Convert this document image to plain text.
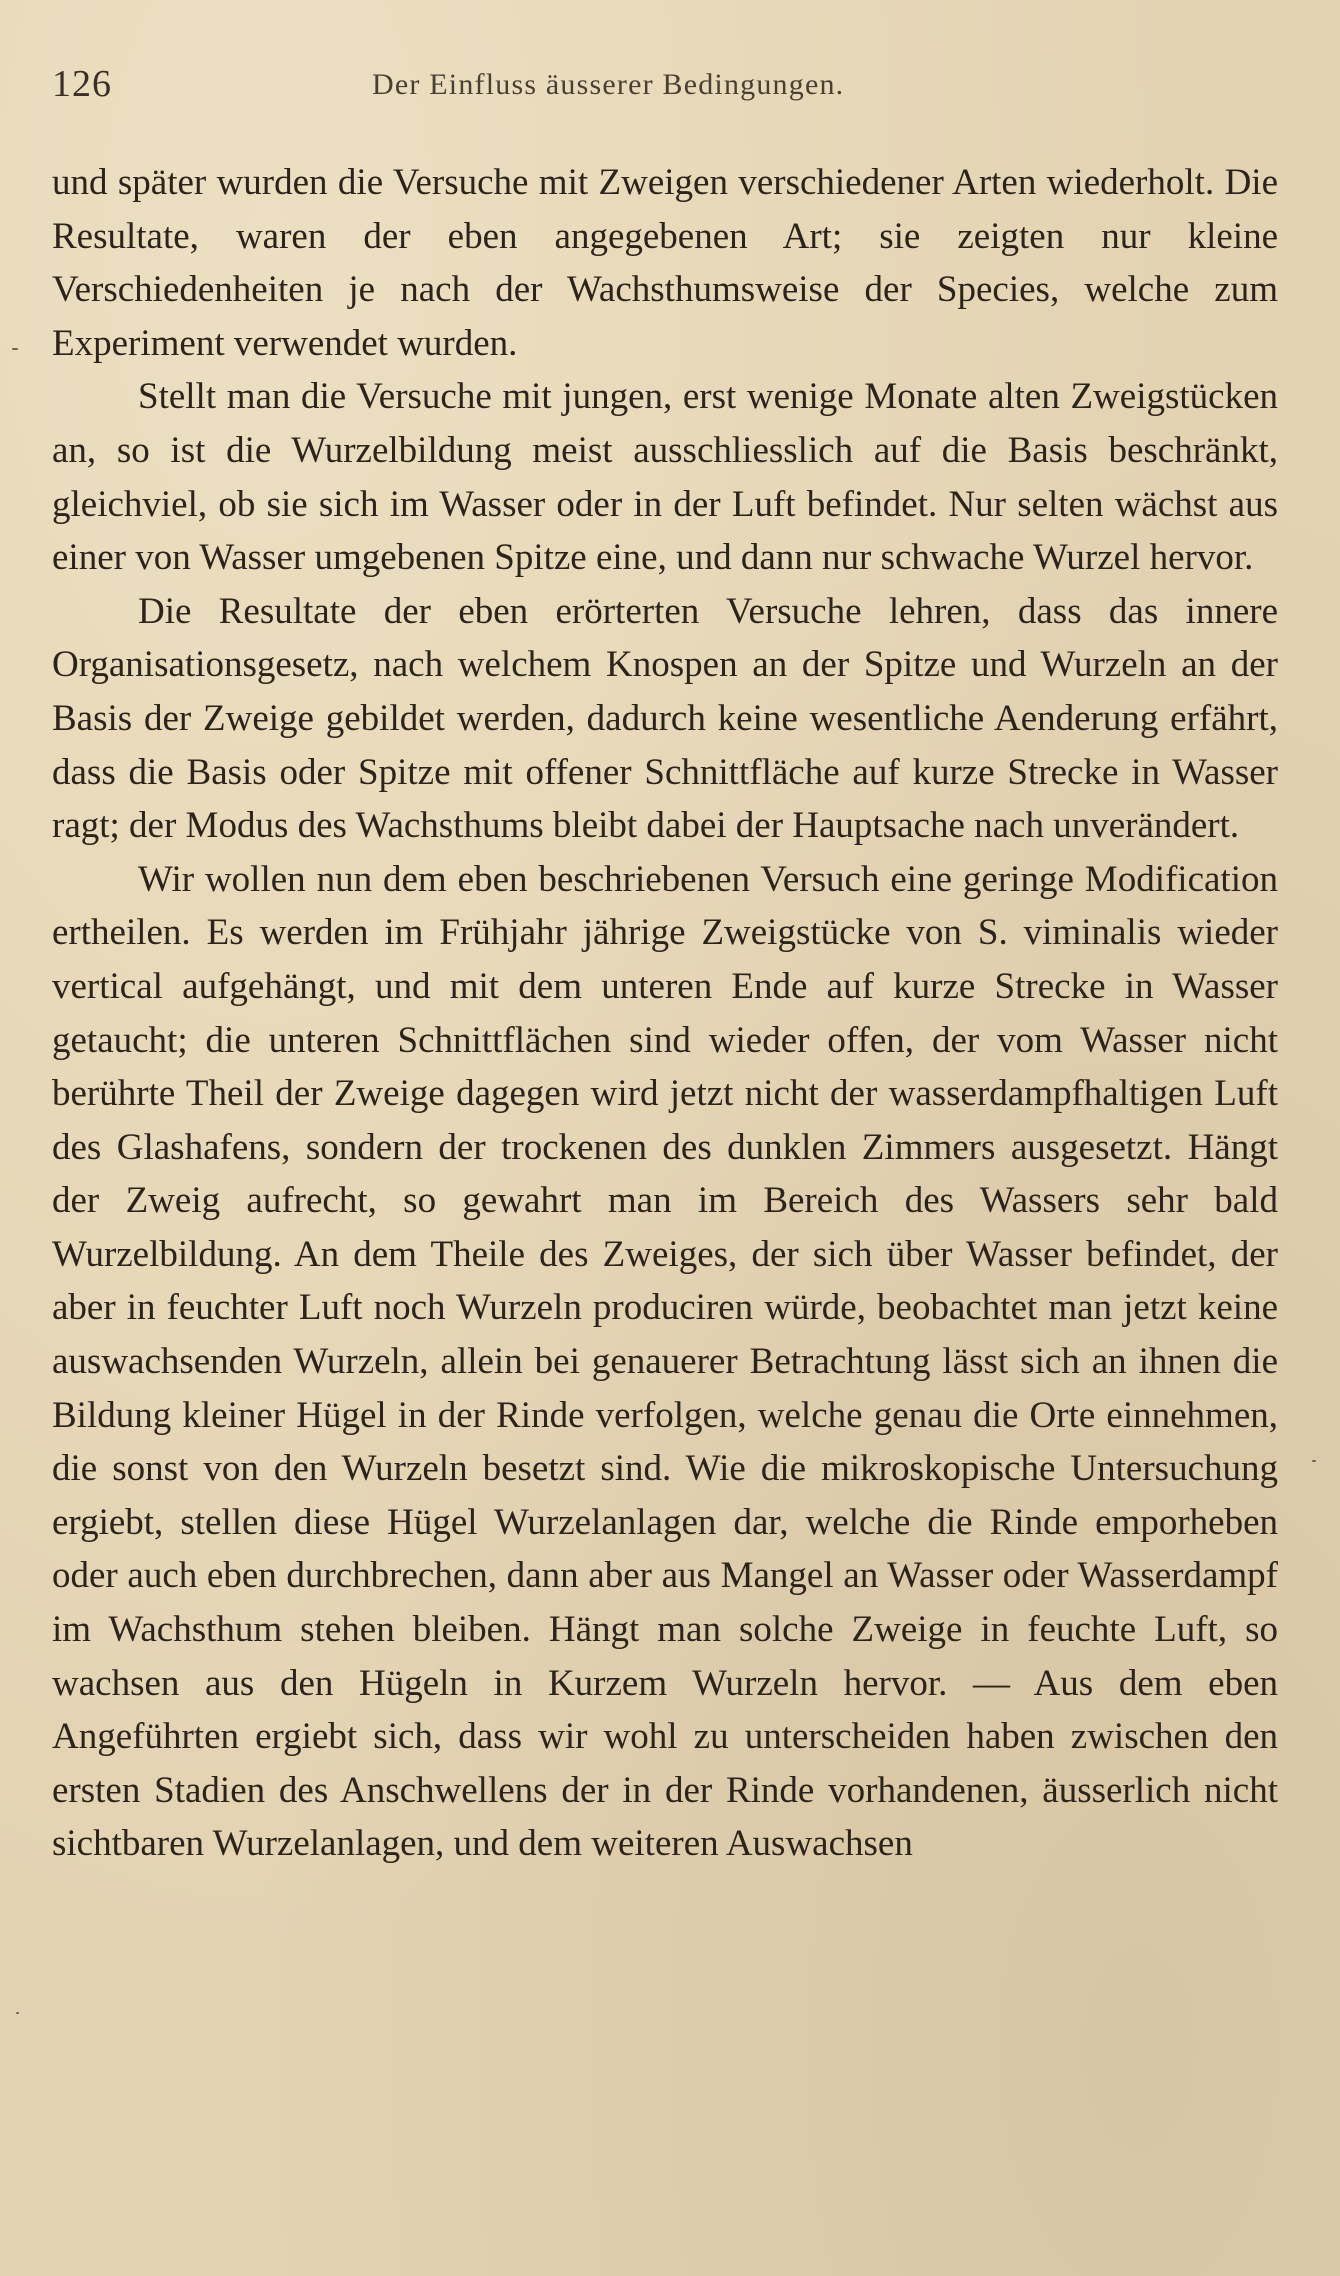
126	Der Einfluss äusserer Bedingungen.

und später wurden die Versuche mit Zweigen verschiedener Arten wiederholt. Die Resultate, waren der eben angegebenen Art; sie zeigten nur kleine Verschiedenheiten je nach der Wachsthumsweise der Species, welche zum Experiment verwendet wurden.

Stellt man die Versuche mit jungen, erst wenige Monate alten Zweigstücken an, so ist die Wurzelbildung meist ausschliesslich auf die Basis beschränkt, gleichviel, ob sie sich im Wasser oder in der Luft befindet. Nur selten wächst aus einer von Wasser umgebenen Spitze eine, und dann nur schwache Wurzel hervor.

Die Resultate der eben erörterten Versuche lehren, dass das innere Organisationsgesetz, nach welchem Knospen an der Spitze und Wurzeln an der Basis der Zweige gebildet werden, dadurch keine wesentliche Aenderung erfährt, dass die Basis oder Spitze mit offener Schnittfläche auf kurze Strecke in Wasser ragt; der Modus des Wachsthums bleibt dabei der Hauptsache nach unverändert.

Wir wollen nun dem eben beschriebenen Versuch eine geringe Modification ertheilen. Es werden im Frühjahr jährige Zweigstücke von S. viminalis wieder vertical aufgehängt, und mit dem unteren Ende auf kurze Strecke in Wasser getaucht; die unteren Schnittflächen sind wieder offen, der vom Wasser nicht berührte Theil der Zweige dagegen wird jetzt nicht der wasserdampfhaltigen Luft des Glashafens, sondern der trockenen des dunklen Zimmers ausgesetzt. Hängt der Zweig aufrecht, so gewahrt man im Bereich des Wassers sehr bald Wurzelbildung. An dem Theile des Zweiges, der sich über Wasser befindet, der aber in feuchter Luft noch Wurzeln produciren würde, beobachtet man jetzt keine auswachsenden Wurzeln, allein bei genauerer Betrachtung lässt sich an ihnen die Bildung kleiner Hügel in der Rinde verfolgen, welche genau die Orte einnehmen, die sonst von den Wurzeln besetzt sind. Wie die mikroskopische Untersuchung ergiebt, stellen diese Hügel Wurzelanlagen dar, welche die Rinde emporheben oder auch eben durchbrechen, dann aber aus Mangel an Wasser oder Wasserdampf im Wachsthum stehen bleiben. Hängt man solche Zweige in feuchte Luft, so wachsen aus den Hügeln in Kurzem Wurzeln hervor. — Aus dem eben Angeführten ergiebt sich, dass wir wohl zu unterscheiden haben zwischen den ersten Stadien des Anschwellens der in der Rinde vorhandenen, äusserlich nicht sichtbaren Wurzelanlagen, und dem weiteren Auswachsen
